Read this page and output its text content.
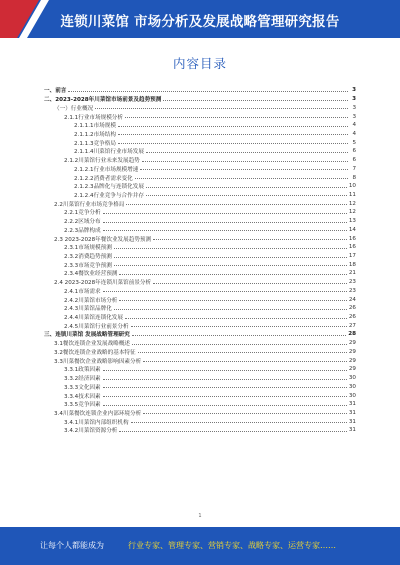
连锁川菜馆 市场分析及发展战略管理研究报告
内容目录
一、前言	3
二、2023-2028年川菜馆市场前景及趋势预测	3
（一）行业概况	3
2.1.1行业市场规模分析	3
2.1.1.1市场规模	4
2.1.1.2市场结构	4
2.1.1.3竞争格局	5
2.1.1.4川菜馆行业市场发展	6
2.1.2川菜馆行业未来发展趋势	6
2.1.2.1行业市场规模增速	7
2.1.2.2消费者需求变化	8
2.1.2.3品牌化与连锁化发展	10
2.1.2.4行业竞争与合作并存	11
2.2川菜馆行业市场竞争格局	12
2.2.1竞争分析	12
2.2.2区域分布	13
2.2.3品牌构成	14
2.3 2023-2028年餐饮业发展趋势预测	16
2.3.1市场规模预测	16
2.3.2消费趋势预测	17
2.3.3市场竞争预测	18
2.3.4餐饮业经营预测	21
2.4 2023-2028年连锁川菜馆前景分析	23
2.4.1市场需求	23
2.4.2川菜馆市场分析	24
2.4.3川菜馆品牌化	26
2.4.4川菜馆连锁化发展	26
2.4.5川菜馆行业前景分析	27
三、连锁川菜馆 发展战略管理研究	28
3.1餐饮连锁企业发展战略概述	29
3.2餐饮连锁企业战略的基本特征	29
3.3川菜餐饮企业战略影响因素分析	29
3.3.1政策因素	29
3.3.2经济因素	30
3.3.3文化因素	30
3.3.4技术因素	30
3.3.5竞争因素	31
3.4川菜餐饮连锁企业内部环境分析	31
3.4.1川菜馆内部组织机构	31
3.4.2川菜馆资源分析	31
1
让每个人都能成为	行业专家、管理专家、营销专家、战略专家、运营专家……
